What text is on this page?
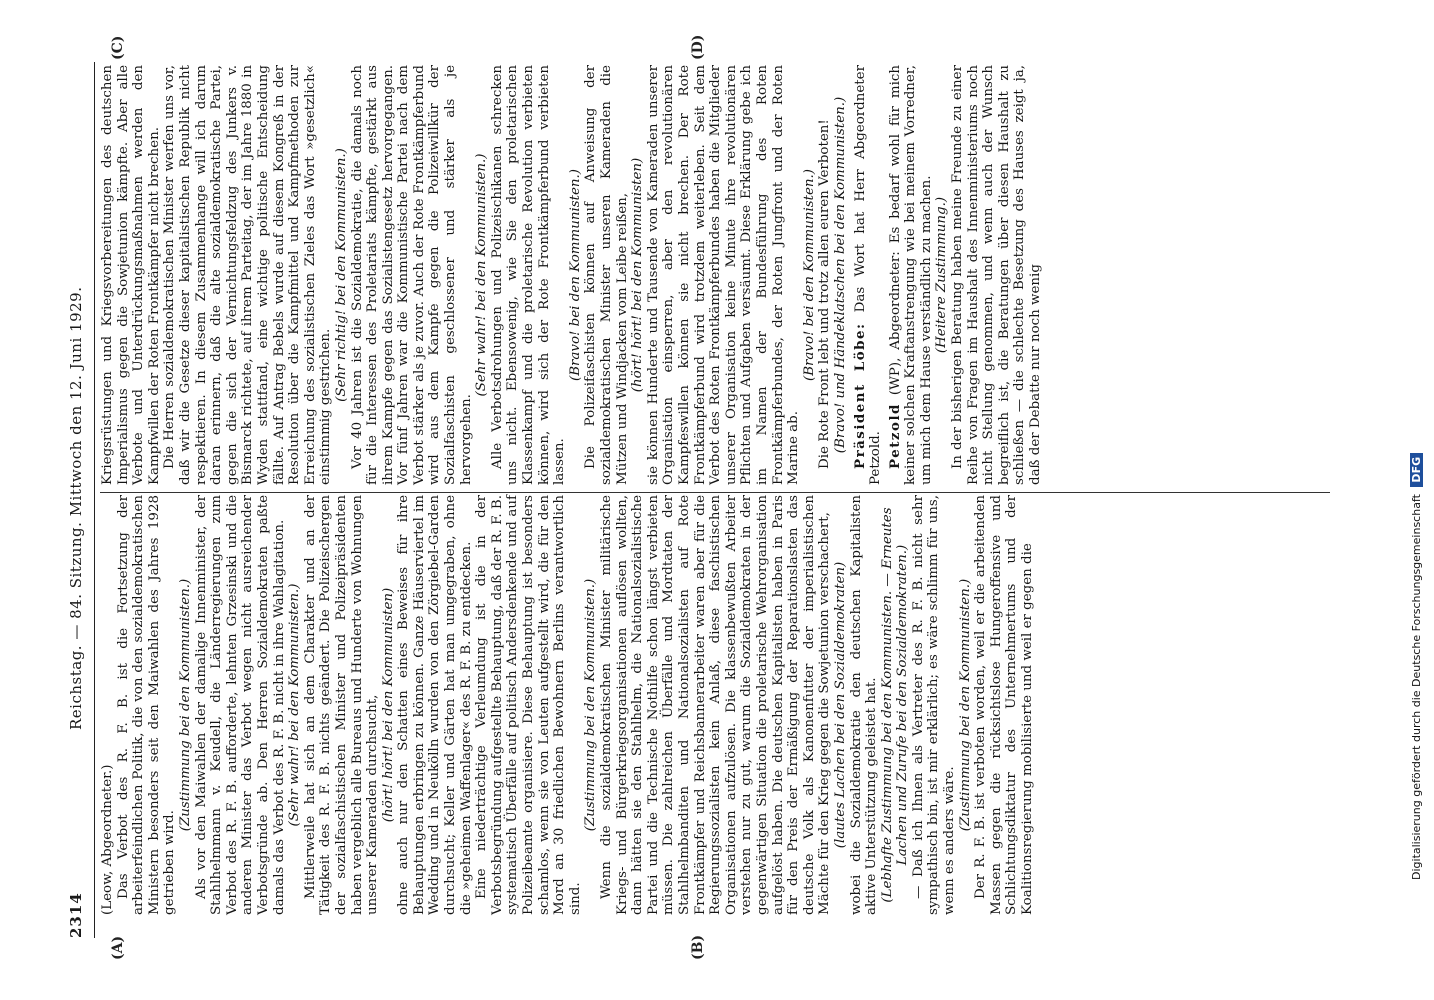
2314
Reichstag. — 84. Sitzung. Mittwoch den 12. Juni 1929.
(A)	(B)
(C)	(D)

(Leow, Abgeordneter.) Das Verbot des R. F. B. ist die Fortsetzung der arbeiterfeindlichen Politik, die von den sozialdemokratischen Ministern besonders seit den Maiwahlen des Jahres 1928 getrieben wird.

(Zustimmung bei den Kommunisten.) Als vor den Maiwahlen der damalige Innenminister, der Stahlhelmmann v. Keudell, die Länderregierungen zum Verbot des R. F. B. aufforderte, lehnten Grzesinski und die anderen Minister das Verbot wegen nicht ausreichender Verbotsgründe ab. Den Herren Sozialdemokraten paßte damals das Verbot des R. F. B. nicht in ihre Wahlagitation. (Sehr wahr! bei den Kommunisten.) Mittlerweile hat sich an dem Charakter und an der Tätigkeit des R. F. B. nichts geändert. Die Polizeischergen der sozialfaschistischen Minister und Polizeipräsidenten haben vergeblich alle Bureaus und Hunderte von Wohnungen unserer Kameraden durchsucht, (hört! hört! bei den Kommunisten) ohne auch nur den Schatten eines Beweises für ihre Behauptungen erbringen zu können. Ganze Häuserviertel im Wedding und in Neukölln wurden von den Zörgiebel-Garden durchsucht; Keller und Gärten hat man umgegraben, ohne die »geheimen Waffenlager« des R. F. B. zu entdecken. Eine niederträchtige Verleumdung ist die in der Verbotsbegründung aufgestellte Behauptung, daß der R. F. B. systematisch Überfälle auf politisch Andersdenkende und auf Polizeibeamte organisiere. Diese Behauptung ist besonders schamlos, wenn sie von Leuten aufgestellt wird, die für den Mord an 30 friedlichen Bewohnern Berlins verantwortlich sind.

(Zustimmung bei den Kommunisten.) Wenn die sozialdemokratischen Minister militärische Kriegs- und Bürgerkriegsorganisationen auflösen wollten, dann hätten sie den Stahlhelm, die Nationalsozialistische Partei und die Technische Nothilfe schon längst verbieten müssen. Die zahlreichen Überfälle und Mordtaten der Stahlhelmbanditen und Nationalsozialisten auf Rote Frontkämpfer und Reichsbannerarbeiter waren aber für die Regierungssozialisten kein Anlaß, diese faschistischen Organisationen aufzulösen. Die klassenbewußten Arbeiter verstehen nur zu gut, warum die Sozialdemokraten in der gegenwärtigen Situation die proletarische Wehrorganisation aufgelöst haben. Die deutschen Kapitalisten haben in Paris für den Preis der Ermäßigung der Reparationslasten das deutsche Volk als Kanonenfutter der imperialistischen Mächte für den Krieg gegen die Sowjetunion verschachert, (lautes Lachen bei den Sozialdemokraten) wobei die Sozialdemokratie den deutschen Kapitalisten aktive Unterstützung geleistet hat. (Lebhafte Zustimmung bei den Kommunisten. — Erneutes Lachen und Zurufe bei den Sozialdemokraten.) — Daß ich Ihnen als Vertreter des R. F. B. nicht sehr sympathisch bin, ist mir erklärlich; es wäre schlimm für uns, wenn es anders wäre.

(Zustimmung bei den Kommunisten.) Der R. F. B. ist verboten worden, weil er die arbeitenden Massen gegen die rücksichtslose Hungeroffensive und Schlichtungsdiktatur des Unternehmertums und der Koalitionsregierung mobilisierte und weil er gegen die

Kriegsrüstungen und Kriegsvorbereitungen des deutschen Imperialismus gegen die Sowjetunion kämpfte. Aber alle Verbote und Unterdrückungsmaßnahmen werden den Kampfwillen der Roten Frontkämpfer nicht brechen. Die Herren sozialdemokratischen Minister werfen uns vor, daß wir die Gesetze dieser kapitalistischen Republik nicht respektieren. In diesem Zusammenhange will ich darum daran erinnern, daß die alte sozialdemokratische Partei, gegen die sich der Vernichtungsfeldzug des Junkers v. Bismarck richtete, auf ihrem Parteitag, der im Jahre 1880 in Wyden stattfand, eine wichtige politische Entscheidung fällte. Auf Antrag Bebels wurde auf diesem Kongreß in der Resolution über die Kampfmittel und Kampfmethoden zur Erreichung des sozialistischen Zieles das Wort »gesetzlich« einstimmig gestrichen.

(Sehr richtig! bei den Kommunisten.) Vor 40 Jahren ist die Sozialdemokratie, die damals noch für die Interessen des Proletariats kämpfte, gestärkt aus ihrem Kampfe gegen das Sozialistengesetz hervorgegangen. Vor fünf Jahren war die Kommunistische Partei nach dem Verbot stärker als je zuvor. Auch der Rote Frontkämpferbund wird aus dem Kampfe gegen die Polizeiwillkür der Sozialfaschisten geschlossener und stärker als je hervorgehen.

(Sehr wahr! bei den Kommunisten.) Alle Verbotsdrohungen und Polizeischikanen schrecken uns nicht. Ebensowenig, wie Sie den proletarischen Klassenkampf und die proletarische Revolution verbieten können, wird sich der Rote Frontkämpferbund verbieten lassen.

(Bravo! bei den Kommunisten.) Die Polizeifaschisten können auf Anweisung der sozialdemokratischen Minister unseren Kameraden die Mützen und Windjacken vom Leibe reißen, (hört! hört! bei den Kommunisten) sie können Hunderte und Tausende von Kameraden unserer Organisation einsperren, aber den revolutionären Kampfeswillen können sie nicht brechen. Der Rote Frontkämpferbund wird trotzdem weiterleben. Seit dem Verbot des Roten Frontkämpferbundes haben die Mitglieder unserer Organisation keine Minute ihre revolutionären Pflichten und Aufgaben versäumt. Diese Erklärung gebe ich im Namen der Bundesführung des Roten Frontkämpferbundes, der Roten Jungfront und der Roten Marine ab.

(Bravo! bei den Kommunisten.) Die Rote Front lebt und trotz allen euren Verboten! (Bravo! und Händeklatschen bei den Kommunisten.) Präsident Löbe: Das Wort hat Herr Abgeordneter Petzold. Petzold (WP), Abgeordneter: Es bedarf wohl für mich keiner solchen Kraftanstrengung wie bei meinem Vorredner, um mich dem Hause verständlich zu machen. (Heitere Zustimmung.) In der bisherigen Beratung haben meine Freunde zu einer Reihe von Fragen im Haushalt des Innenministeriums noch nicht Stellung genommen, und wenn auch der Wunsch begreiflich ist, die Beratungen über diesen Haushalt zu schließen — die schlechte Besetzung des Hauses zeigt ja, daß der Debatte nur noch wenig

Digitalisierung gefördert durch die Deutsche Forschungsgemeinschaft DFG
